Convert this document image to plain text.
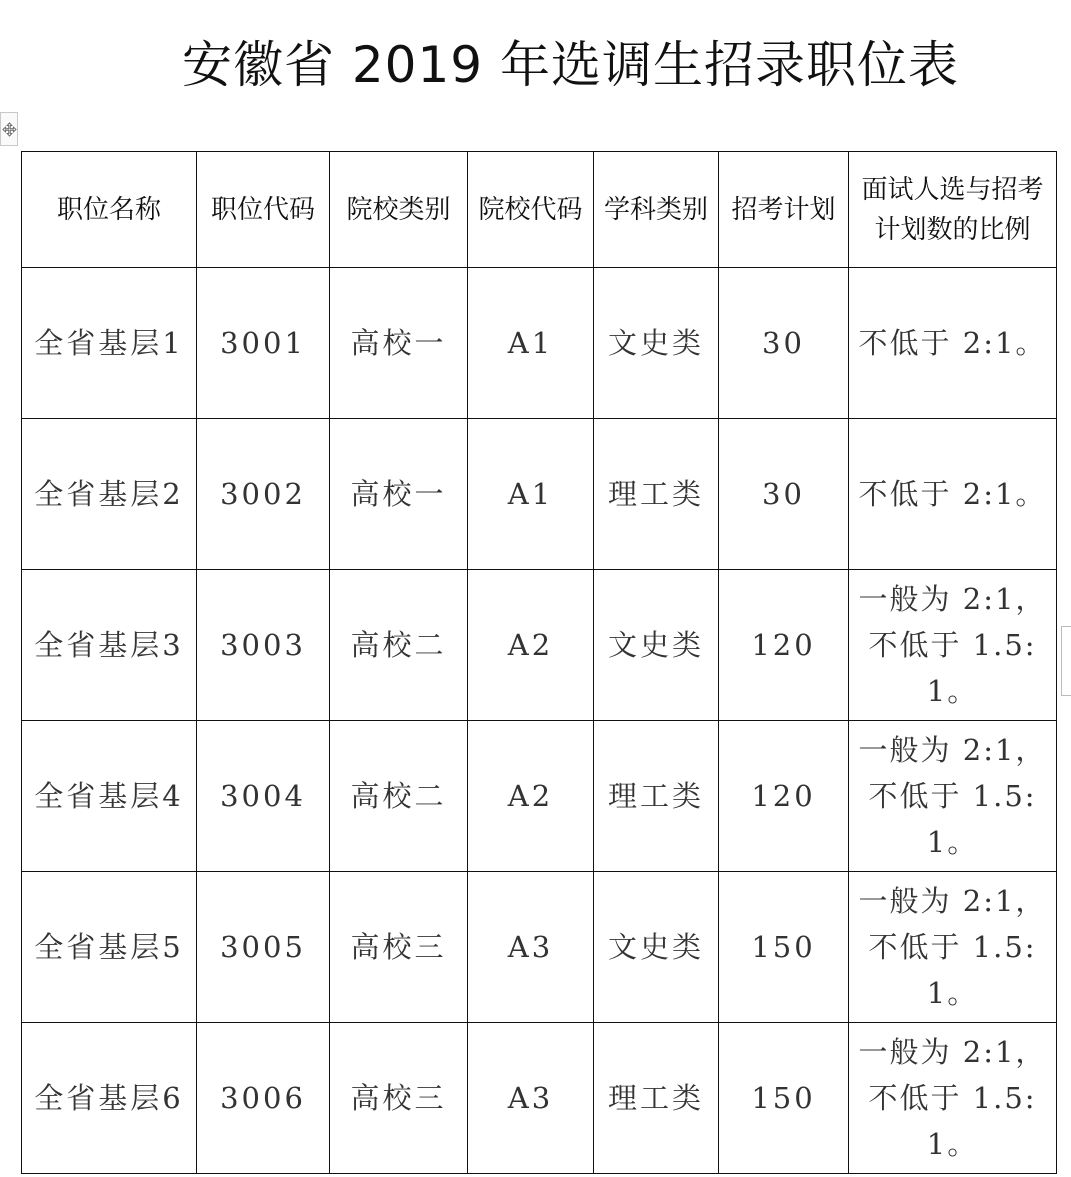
安徽省 2019 年选调生招录职位表
职位名称	职位代码	院校类别	院校代码	学科类别	招考计划	面试人选与招考计划数的比例
全省基层1	3001	高校一	A1	文史类	30	不低于 2:1。
全省基层2	3002	高校一	A1	理工类	30	不低于 2:1。
全省基层3	3003	高校二	A2	文史类	120	一般为 2:1，不低于 1.5:1。
全省基层4	3004	高校二	A2	理工类	120	一般为 2:1，不低于 1.5:1。
全省基层5	3005	高校三	A3	文史类	150	一般为 2:1，不低于 1.5:1。
全省基层6	3006	高校三	A3	理工类	150	一般为 2:1，不低于 1.5:1。
